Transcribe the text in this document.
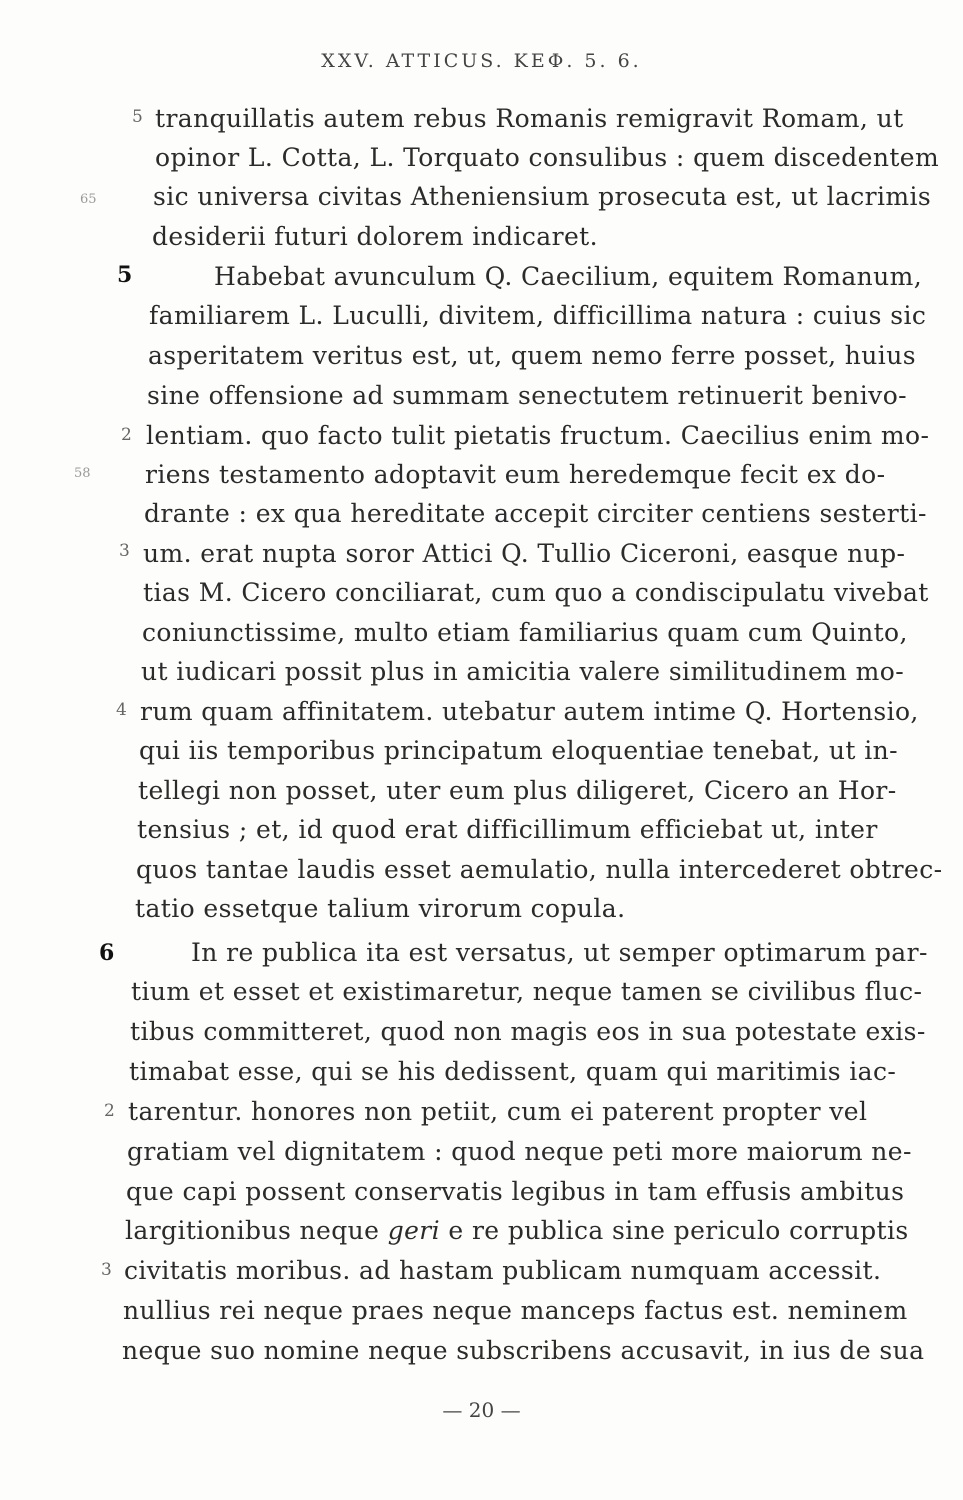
XXV. ATTICUS. ΚΕΦ. 5. 6.
5
65
5
2
58
3
4
6
2
3
tranquillatis autem rebus Romanis remigravit Romam, ut
opinor L. Cotta, L. Torquato consulibus : quem discedentem
sic universa civitas Atheniensium prosecuta est, ut lacrimis
desiderii futuri dolorem indicaret.
Habebat avunculum Q. Caecilium, equitem Romanum,
familiarem L. Luculli, divitem, difficillima natura : cuius sic
asperitatem veritus est, ut, quem nemo ferre posset, huius
sine offensione ad summam senectutem retinuerit benivo-
lentiam. quo facto tulit pietatis fructum. Caecilius enim mo-
riens testamento adoptavit eum heredemque fecit ex do-
drante : ex qua hereditate accepit circiter centiens sesterti-
um. erat nupta soror Attici Q. Tullio Ciceroni, easque nup-
tias M. Cicero conciliarat, cum quo a condiscipulatu vivebat
coniunctissime, multo etiam familiarius quam cum Quinto,
ut iudicari possit plus in amicitia valere similitudinem mo-
rum quam affinitatem. utebatur autem intime Q. Hortensio,
qui iis temporibus principatum eloquentiae tenebat, ut in-
tellegi non posset, uter eum plus diligeret, Cicero an Hor-
tensius ; et, id quod erat difficillimum efficiebat ut, inter
quos tantae laudis esset aemulatio, nulla intercederet obtrec-
tatio essetque talium virorum copula.
In re publica ita est versatus, ut semper optimarum par-
tium et esset et existimaretur, neque tamen se civilibus fluc-
tibus committeret, quod non magis eos in sua potestate exis-
timabat esse, qui se his dedissent, quam qui maritimis iac-
tarentur. honores non petiit, cum ei paterent propter vel
gratiam vel dignitatem : quod neque peti more maiorum ne-
que capi possent conservatis legibus in tam effusis ambitus
largitionibus neque geri e re publica sine periculo corruptis
civitatis moribus. ad hastam publicam numquam accessit.
nullius rei neque praes neque manceps factus est. neminem
neque suo nomine neque subscribens accusavit, in ius de sua
— 20 —
